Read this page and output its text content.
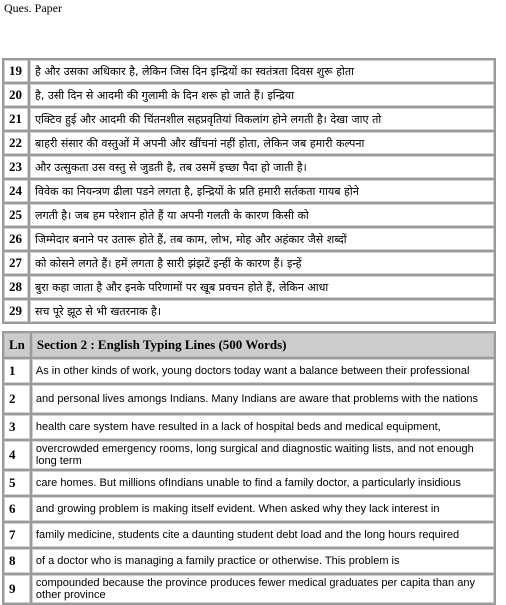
Ques. Paper
19	है और उसका अधिकार है, लेकिन जिस दिन इन्द्रियों का स्वतंत्रता दिवस शुरू होता
20	है, उसी दिन से आदमी की गुलामी के दिन शरू हो जाते हैं। इन्द्रिया
21	एक्टिव हुई और आदमी की चिंतनशील सहप्रवृतियां विकलांग होने लगती है। देखा जाए तो
22	बाहरी संसार की वस्तुओं में अपनी और खींचनां नहीं होता, लेकिन जब हमारी कल्पना
23	और उत्सुकता उस वस्तु से जुडती है, तब उसमें इच्छा पैदा हो जाती है।
24	विवेक का नियन्त्रण ढीला पडने लगता है, इन्द्रियों के प्रति हमारी सर्तकता गायब होने
25	लगती है। जब हम परेशान होते हैं या अपनी गलती के कारण किसी को
26	जिम्मेदार बनाने पर उतारू होते हैं, तब काम, लोभ, मोह और अहंकार जैसे शब्दों
27	को कोसने लगते हैं। हमें लगता है सारी झंझटें इन्हीं के कारण हैं। इन्हें
28	बुरा कहा जाता है और इनके परिणामों पर खूब प्रवचन होते हैं, लेकिन आधा
29	सच पूरे झूठ से भी खतरनाक है।
Ln	Section 2 : English Typing Lines (500 Words)
1	As in other kinds of work, young doctors today want a balance between their professional
2	and personal lives amongs Indians. Many Indians are aware that problems with the nations
3	health care system have resulted in a lack of hospital beds and medical equipment,
4	overcrowded emergency rooms, long surgical and diagnostic waiting lists, and not enough long term
5	care homes. But millions ofIndians unable to find a family doctor, a particularly insidious
6	and growing problem is making itself evident. When asked why they lack interest in
7	family medicine, students cite a daunting student debt load and the long hours required
8	of a doctor who is managing a family practice or otherwise. This problem is
9	compounded because the province produces fewer medical graduates per capita than any other province
